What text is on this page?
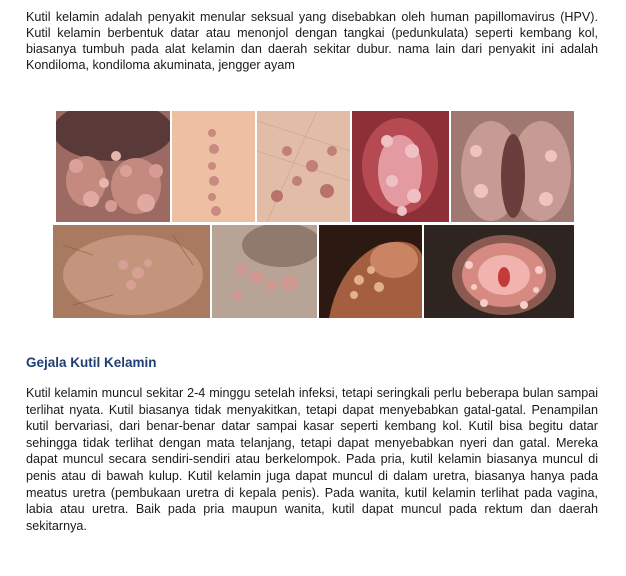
Kutil kelamin adalah penyakit menular seksual yang disebabkan oleh human papillomavirus (HPV). Kutil kelamin berbentuk datar atau menonjol dengan tangkai (pedunkulata) seperti kembang kol, biasanya tumbuh pada alat kelamin dan daerah sekitar dubur. nama lain dari penyakit ini adalah Kondiloma, kondiloma akuminata, jengger ayam

Gejala Kutil Kelamin

Kutil kelamin muncul sekitar 2-4 minggu setelah infeksi, tetapi seringkali perlu beberapa bulan sampai terlihat nyata. Kutil biasanya tidak menyakitkan, tetapi dapat menyebabkan gatal-gatal. Penampilan kutil bervariasi, dari benar-benar datar sampai kasar seperti kembang kol. Kutil bisa begitu datar sehingga tidak terlihat dengan mata telanjang, tetapi dapat menyebabkan nyeri dan gatal. Mereka dapat muncul secara sendiri-sendiri atau berkelompok. Pada pria, kutil kelamin biasanya muncul di penis atau di bawah kulup. Kutil kelamin juga dapat muncul di dalam uretra, biasanya hanya pada meatus uretra (pembukaan uretra di kepala penis). Pada wanita, kutil kelamin terlihat pada vagina, labia atau uretra. Baik pada pria maupun wanita, kutil dapat muncul pada rektum dan daerah sekitarnya.
